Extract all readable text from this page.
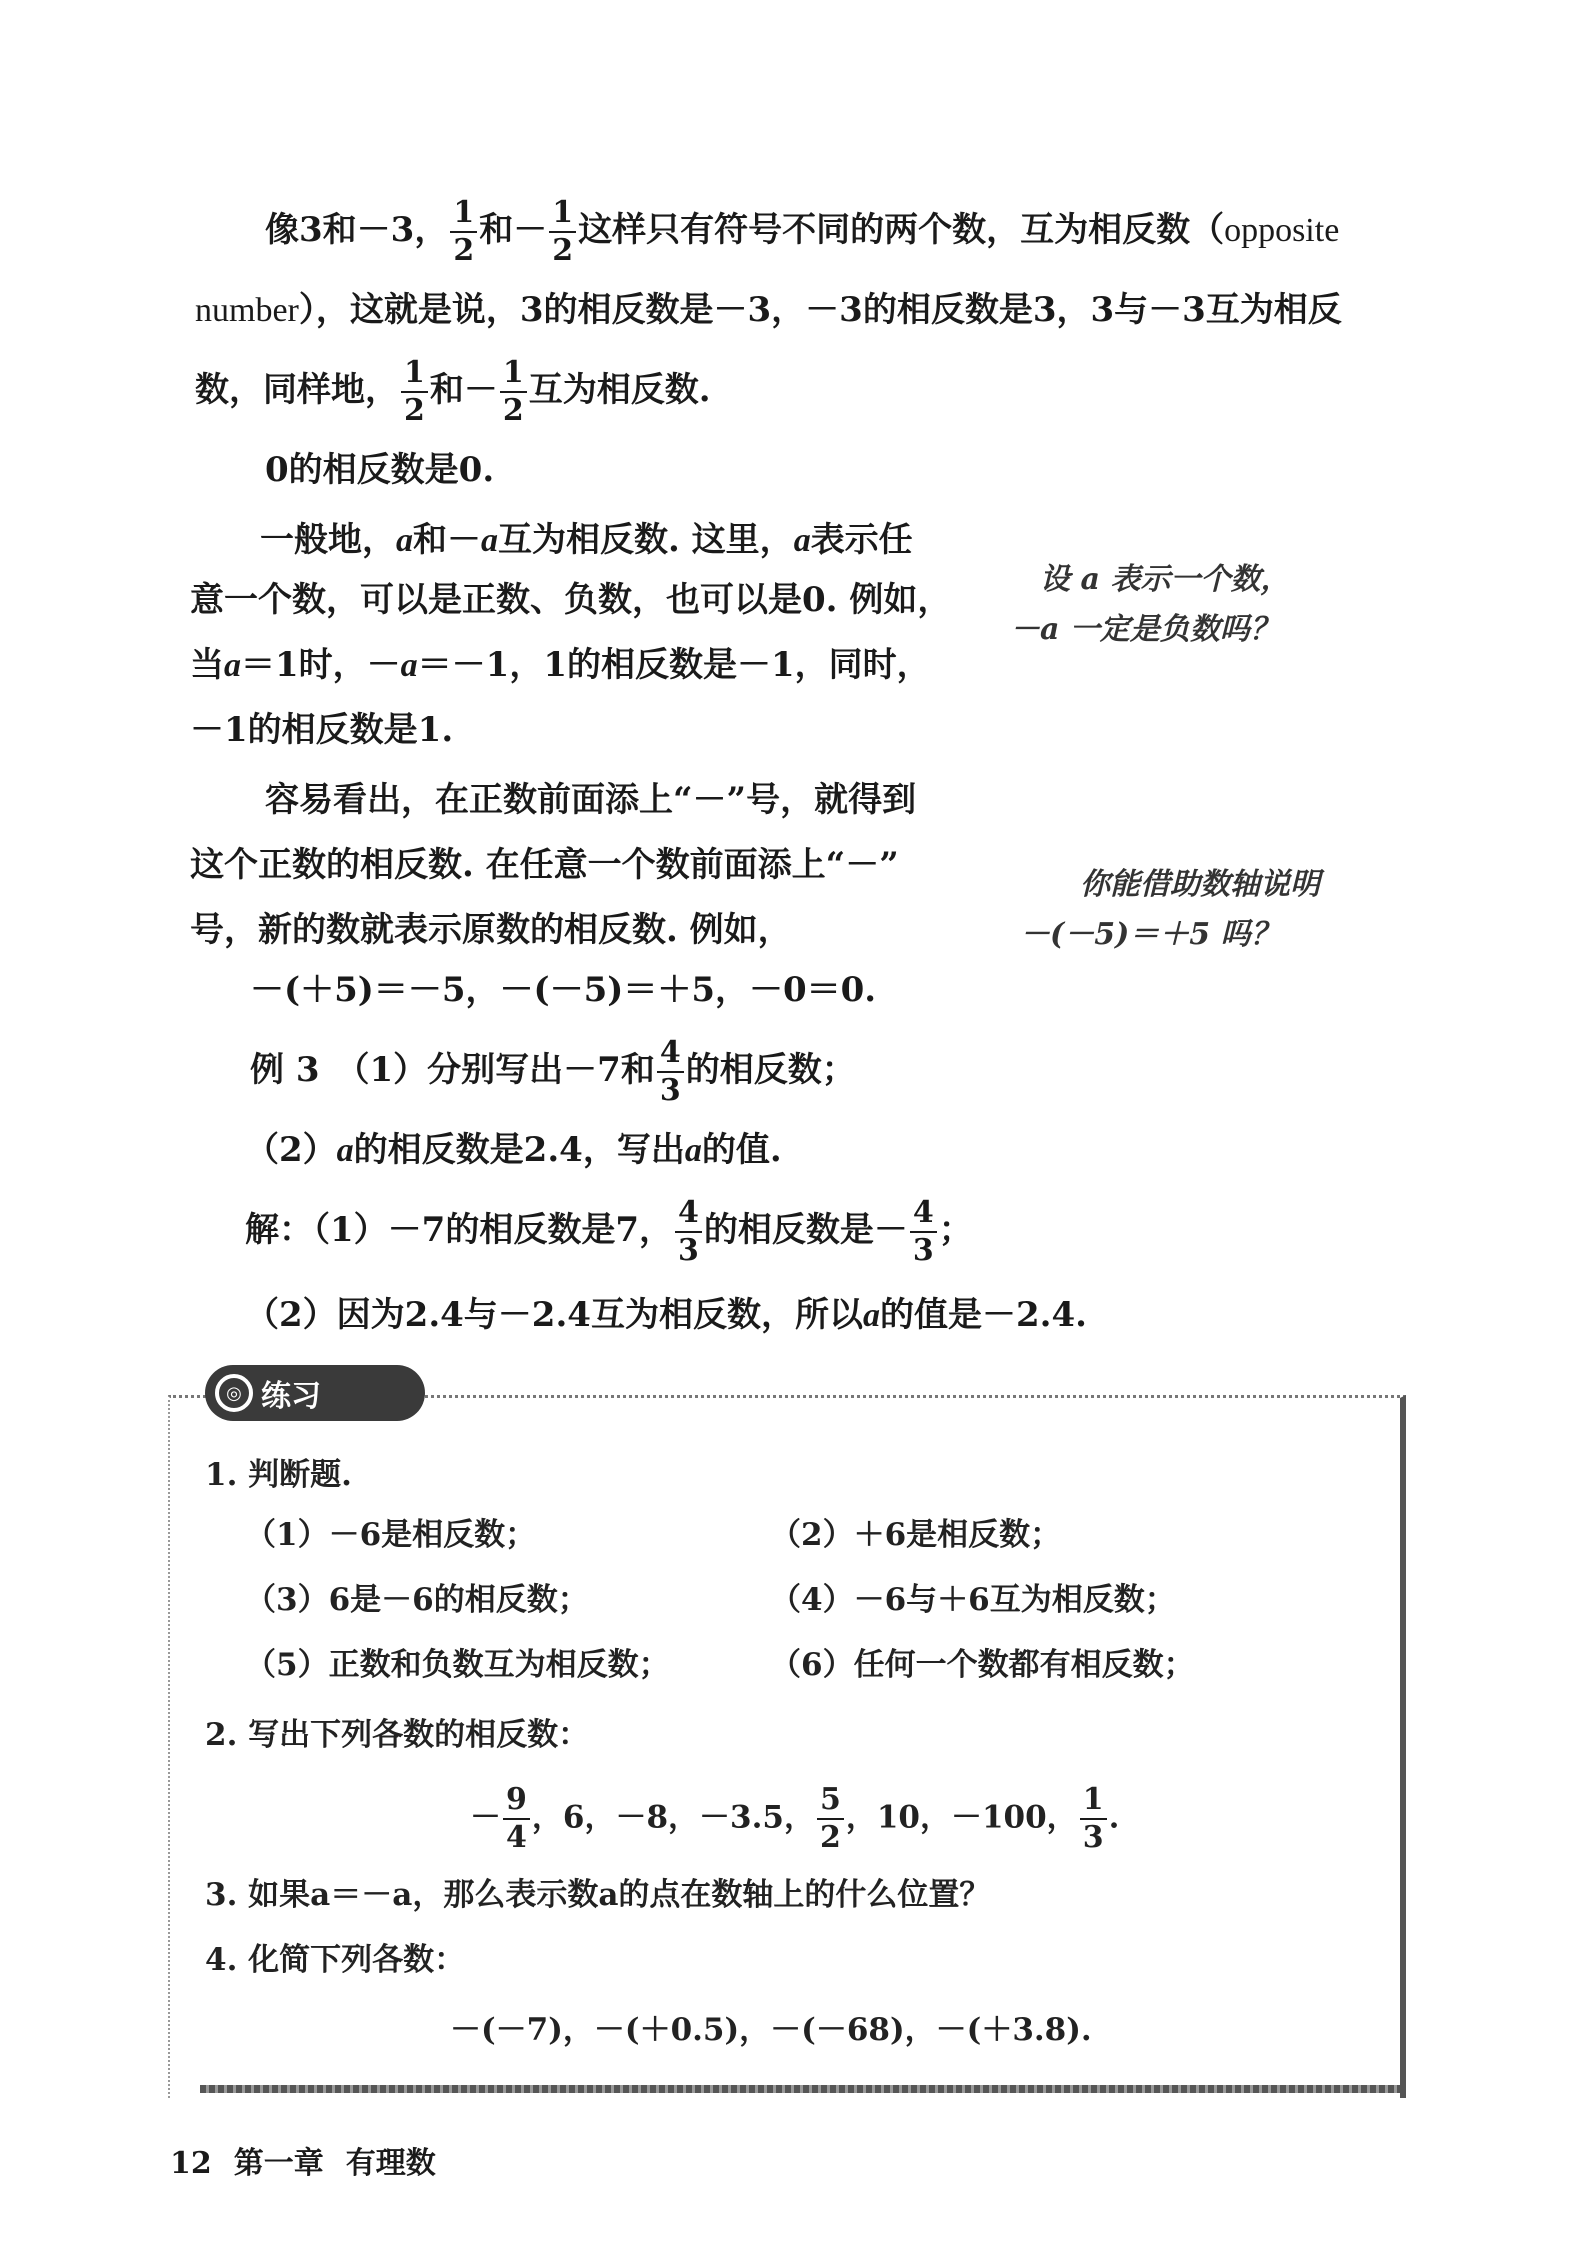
像3和－3， $\frac{1}{2}$ 和－ $\frac{1}{2}$ 这样只有符号不同的两个数，互为相反数（opposite
number），这就是说，3的相反数是－3，－3的相反数是3，3与－3互为相反
数，同样地， $\frac{1}{2}$ 和－ $\frac{1}{2}$ 互为相反数.
0的相反数是0.
一般地，a和－a互为相反数. 这里，a表示任
意一个数，可以是正数、负数，也可以是0. 例如，
当a＝1时，－a＝－1，1的相反数是－1，同时，
－1的相反数是1.
设 a 表示一个数，
－a 一定是负数吗？
容易看出，在正数前面添上“－”号，就得到
这个正数的相反数. 在任意一个数前面添上“－”
号，新的数就表示原数的相反数. 例如，
－(＋5)＝－5，－(－5)＝＋5，－0＝0.
你能借助数轴说明
－(－5)＝＋5 吗？
例 3 （1）分别写出－7和 $\frac{4}{3}$ 的相反数；
（2）a的相反数是2.4，写出a的值.
解：（1）－7的相反数是7， $\frac{4}{3}$ 的相反数是－ $\frac{4}{3}$ ；
（2）因为2.4与－2.4互为相反数，所以a的值是－2.4.
◎ 练习
1. 判断题.
（1）－6是相反数；	（2）＋6是相反数；
（3）6是－6的相反数；	（4）－6与＋6互为相反数；
（5）正数和负数互为相反数；	（6）任何一个数都有相反数；
2. 写出下列各数的相反数：
－ $\frac{9}{4}$ ，6，－8，－3.5， $\frac{5}{2}$ ，10，－100， $\frac{1}{3}$ .
3. 如果a＝－a，那么表示数a的点在数轴上的什么位置？
4. 化简下列各数：
－(－7)，－(＋0.5)，－(－68)，－(＋3.8).
12 第一章 有理数
